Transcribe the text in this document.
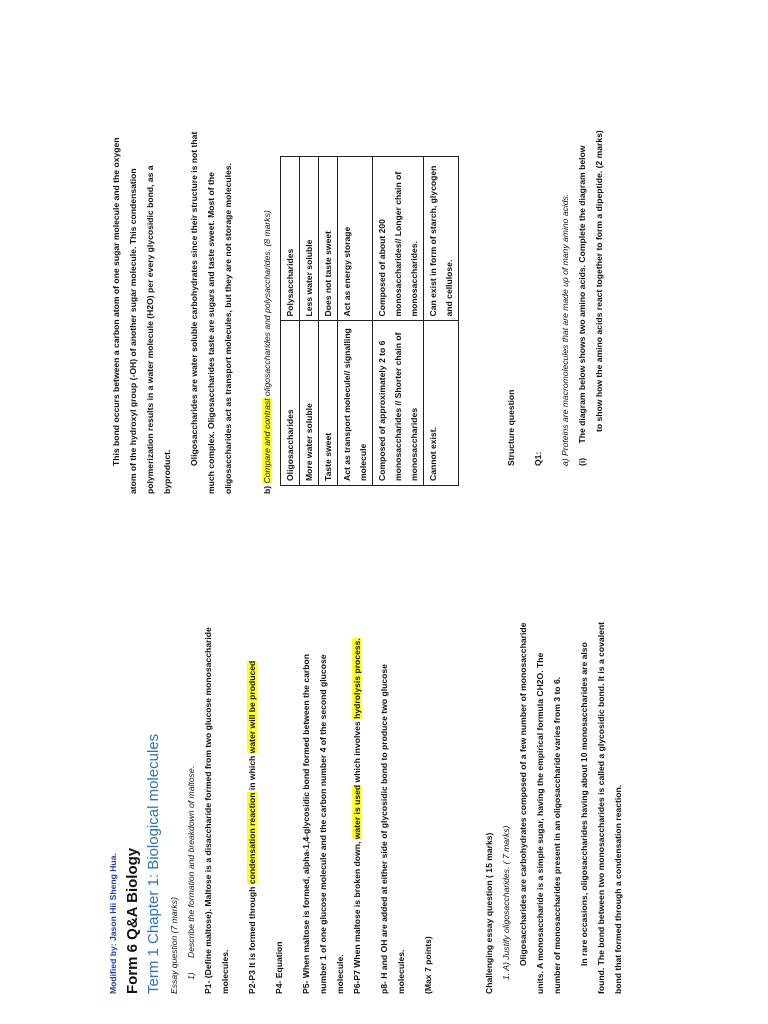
Modified by: Jason Hii Sheng Hua. Form 6 Q&A Biology Term 1 Chapter 1: Biological molecules Essay question (7 marks) 1)      Describe the formation and breakdown of maltose. P1- (Define maltose). Maltose is a disaccharide formed from two glucose monosaccharide molecules.	P2-P3 It is formed through condensation reaction in which water will be produced
P4- Equation	P5- When maltose is formed, alpha-1,4-glycosidic bond formed between the carbon number 1 of one glucose molecule and the carbon number 4 of the second glucose molecule. P6-P7 When maltose is broken down, water is used which involves hydrolysis process.	p8- H and OH are added at either side of glycosidic bond to produce two glucose molecules.	(Max 7 points)	Challenging essay question ( 15 marks) 1. A) Justify oligosaccharides. ( 7 marks) Oligosaccharides are carbohydrates composed of a few number of monosaccharide units. A monosaccharide is a simple sugar, having the empirical formula CH2O. The number of monosaccharides present in an oligosaccharide varies from 3 to 6.	In rare occasions, oligosaccharides having about 10 monosaccharides are also found. The bond between two monosaccharides is called a glycosidic bond. It is a covalent bond that formed through a condensation reaction.
This bond occurs between a carbon atom of one sugar molecule and the oxygen atom of the hydroxyl group (-OH) of another sugar molecule. This condensation polymerization results in a water molecule (H2O) per every glycosidic bond, as a byproduct.
Oligosaccharides are water soluble carbohydrates since their structure is not that much complex. Oligosaccharides taste are sugars and taste sweet. Most of the oligosaccharides act as transport molecules, but they are not storage molecules.	b) Compare and contrast oligosaccharides and polysaccharides. (8 marks)
Oligosaccharides	Polysaccharides
More water soluble	Less water soluble
Taste sweet	Does not taste sweet
Act as transport molecule// signalling molecule	Act as energy storage
Composed of approximately 2 to 6 monosaccharides // Shorter chain of monosaccharides	Composed of about 200 monosaccharides// Longer chain of monosaccharides.
Cannot exist.	Can exist in form of starch, glycogen and cellulose.
Structure question	Q1:	a) Proteins are macromolecules that are made up of many amino acids. (i)      The diagram below shows two amino acids. Complete the diagram below to show how the amino acids react together to form a dipeptide. (2 marks)
